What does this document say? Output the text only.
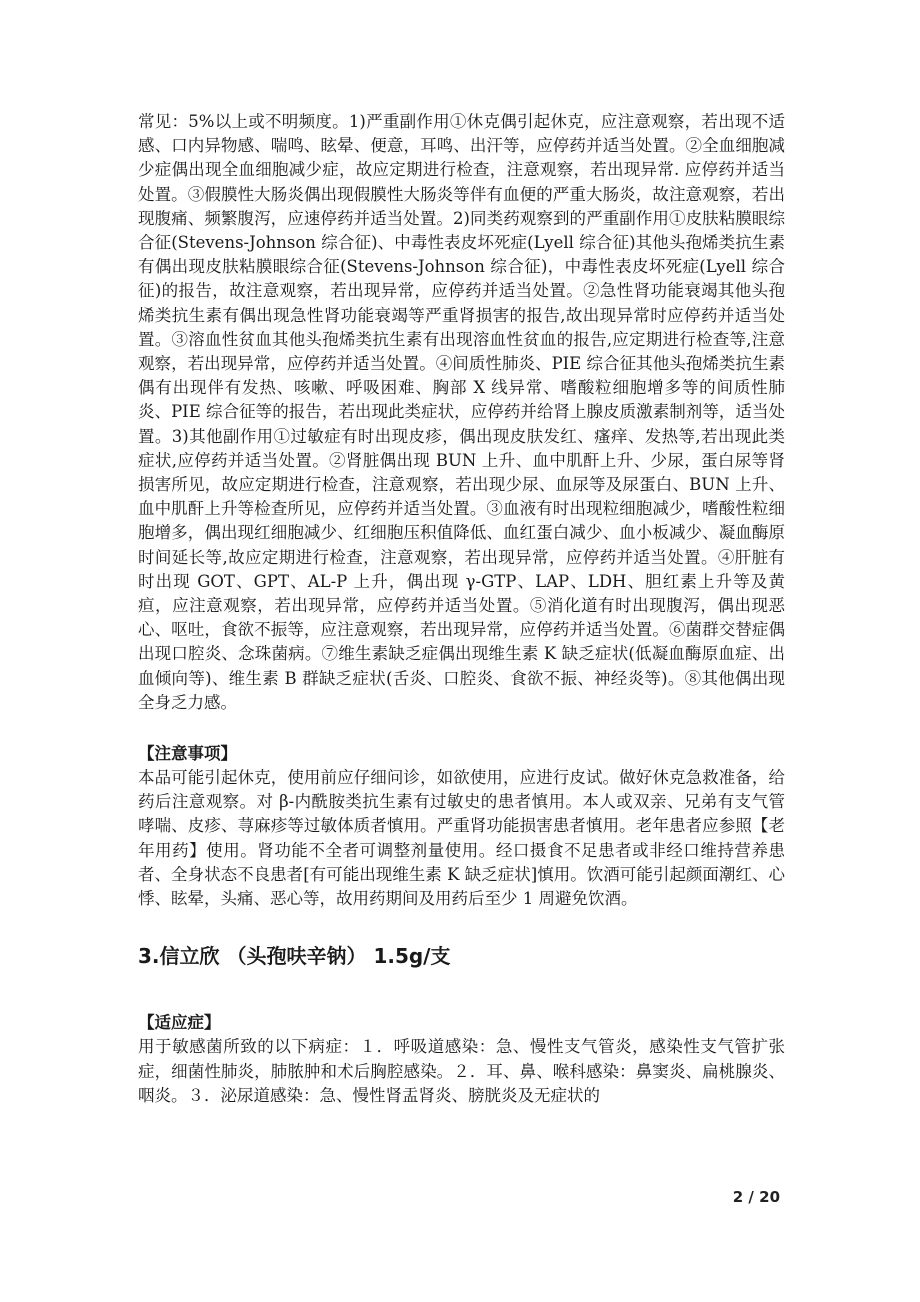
常见：5%以上或不明频度。1)严重副作用①休克偶引起休克，应注意观察，若出现不适感、口内异物感、喘鸣、眩晕、便意，耳鸣、出汗等，应停药并适当处置。②全血细胞减少症偶出现全血细胞减少症，故应定期进行检查，注意观察，若出现异常. 应停药并适当处置。③假膜性大肠炎偶出现假膜性大肠炎等伴有血便的严重大肠炎，故注意观察，若出现腹痛、频繁腹泻，应速停药并适当处置。2)同类药观察到的严重副作用①皮肤粘膜眼综合征(Stevens-Johnson 综合征)、中毒性表皮坏死症(Lyell 综合征)其他头孢烯类抗生素有偶出现皮肤粘膜眼综合征(Stevens-Johnson 综合征)，中毒性表皮坏死症(Lyell 综合征)的报告，故注意观察，若出现异常，应停药并适当处置。②急性肾功能衰竭其他头孢烯类抗生素有偶出现急性肾功能衰竭等严重肾损害的报告,故出现异常时应停药并适当处置。③溶血性贫血其他头孢烯类抗生素有出现溶血性贫血的报告,应定期进行检查等,注意观察，若出现异常，应停药并适当处置。④间质性肺炎、PIE 综合征其他头孢烯类抗生素偶有出现伴有发热、咳嗽、呼吸困难、胸部 X 线异常、嗜酸粒细胞增多等的间质性肺炎、PIE 综合征等的报告，若出现此类症状，应停药并给肾上腺皮质激素制剂等，适当处置。3)其他副作用①过敏症有时出现皮疹，偶出现皮肤发红、瘙痒、发热等,若出现此类症状,应停药并适当处置。②肾脏偶出现 BUN 上升、血中肌酐上升、少尿，蛋白尿等肾损害所见，故应定期进行检查，注意观察，若出现少尿、血尿等及尿蛋白、BUN 上升、血中肌酐上升等检查所见，应停药并适当处置。③血液有时出现粒细胞减少，嗜酸性粒细胞增多，偶出现红细胞减少、红细胞压积值降低、血红蛋白减少、血小板减少、凝血酶原时间延长等,故应定期进行检查，注意观察，若出现异常，应停药并适当处置。④肝脏有时出现 GOT、GPT、AL-P 上升，偶出现 γ-GTP、LAP、LDH、胆红素上升等及黄疸，应注意观察，若出现异常，应停药并适当处置。⑤消化道有时出现腹泻，偶出现恶心、呕吐，食欲不振等，应注意观察，若出现异常，应停药并适当处置。⑥菌群交替症偶出现口腔炎、念珠菌病。⑦维生素缺乏症偶出现维生素 K 缺乏症状(低凝血酶原血症、出血倾向等)、维生素 B 群缺乏症状(舌炎、口腔炎、食欲不振、神经炎等)。⑧其他偶出现全身乏力感。

【注意事项】

本品可能引起休克，使用前应仔细问诊，如欲使用，应进行皮试。做好休克急救准备，给药后注意观察。对 β-内酰胺类抗生素有过敏史的患者慎用。本人或双亲、兄弟有支气管哮喘、皮疹、荨麻疹等过敏体质者慎用。严重肾功能损害患者慎用。老年患者应参照【老年用药】使用。肾功能不全者可调整剂量使用。经口摄食不足患者或非经口维持营养患者、全身状态不良患者[有可能出现维生素 K 缺乏症状]慎用。饮酒可能引起颜面潮红、心悸、眩晕，头痛、恶心等，故用药期间及用药后至少 1 周避免饮酒。

3.信立欣 （头孢呋辛钠） 1.5g/支

【适应症】

用于敏感菌所致的以下病症：１．呼吸道感染：急、慢性支气管炎，感染性支气管扩张症，细菌性肺炎，肺脓肿和术后胸腔感染。２．耳、鼻、喉科感染：鼻窦炎、扁桃腺炎、咽炎。３．泌尿道感染：急、慢性肾盂肾炎、膀胱炎及无症状的

2 / 20
